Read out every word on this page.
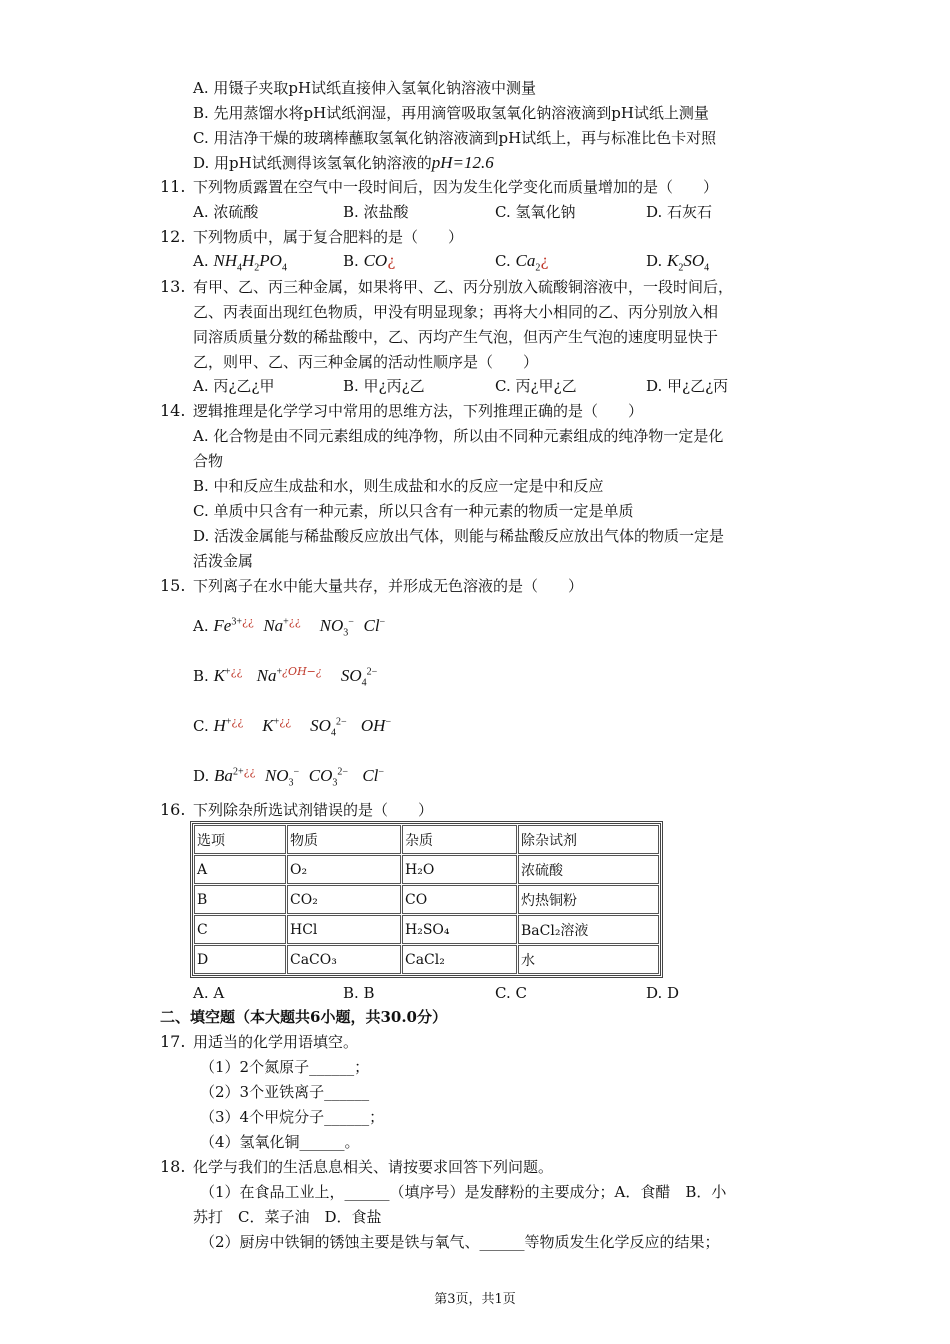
A. 用镊子夹取pH试纸直接伸入氢氧化钠溶液中测量
B. 先用蒸馏水将pH试纸润湿，再用滴管吸取氢氧化钠溶液滴到pH试纸上测量
C. 用洁净干燥的玻璃棒蘸取氢氧化钠溶液滴到pH试纸上，再与标准比色卡对照
D. 用pH试纸测得该氢氧化钠溶液的pH=12.6
11. 下列物质露置在空气中一段时间后，因为发生化学变化而质量增加的是（　　）
A. 浓硫酸	B. 浓盐酸	C. 氢氧化钠	D. 石灰石
12. 下列物质中，属于复合肥料的是（　　）
A. $NH_4H_2PO_4$	B. CO¿	C. $Ca_2¿$	D. $K_2SO_4$
13. 有甲、乙、丙三种金属，如果将甲、乙、丙分别放入硫酸铜溶液中，一段时间后，
乙、丙表面出现红色物质，甲没有明显现象；再将大小相同的乙、丙分别放入相
同溶质质量分数的稀盐酸中，乙、丙均产生气泡，但丙产生气泡的速度明显快于
乙，则甲、乙、丙三种金属的活动性顺序是（　　）
A. 丙¿乙¿甲	B. 甲¿丙¿乙	C. 丙¿甲¿乙	D. 甲¿乙¿丙
14. 逻辑推理是化学学习中常用的思维方法，下列推理正确的是（　　）
A. 化合物是由不同元素组成的纯净物，所以由不同种元素组成的纯净物一定是化
合物
B. 中和反应生成盐和水，则生成盐和水的反应一定是中和反应
C. 单质中只含有一种元素，所以只含有一种元素的物质一定是单质
D. 活泼金属能与稀盐酸反应放出气体，则能与稀盐酸反应放出气体的物质一定是
活泼金属
15. 下列离子在水中能大量共存，并形成无色溶液的是（　　）
A. $Fe^{3+¿¿}$ Na+¿¿ $NO_3^-$ Cl−
B. K+¿¿ $Na^{+¿OH-¿}$ $SO_4^{2-}$
C. H+¿¿ K+¿¿ $SO_4^{2-}$ OH−
D. $Ba^{2+¿¿}$ $NO_3^-$ $CO_3^{2-}$ Cl−
16. 下列除杂所选试剂错误的是（　　）
选项	物质	杂质	除杂试剂
A	O₂	H₂O	浓硫酸
B	CO₂	CO	灼热铜粉
C	HCl	H₂SO₄	BaCl₂溶液
D	CaCO₃	CaCl₂	水
A. A	B. B	C. C	D. D
二、填空题（本大题共6小题，共30.0分）
17. 用适当的化学用语填空。
（1）2个氮原子______；
（2）3个亚铁离子______
（3）4个甲烷分子______；
（4）氢氧化铜______。
18. 化学与我们的生活息息相关、请按要求回答下列问题。
（1）在食品工业上，______（填序号）是发酵粉的主要成分；A．食醋　B．小
苏打　C．菜子油　D．食盐
（2）厨房中铁铜的锈蚀主要是铁与氧气、______等物质发生化学反应的结果；
第3页，共1页
